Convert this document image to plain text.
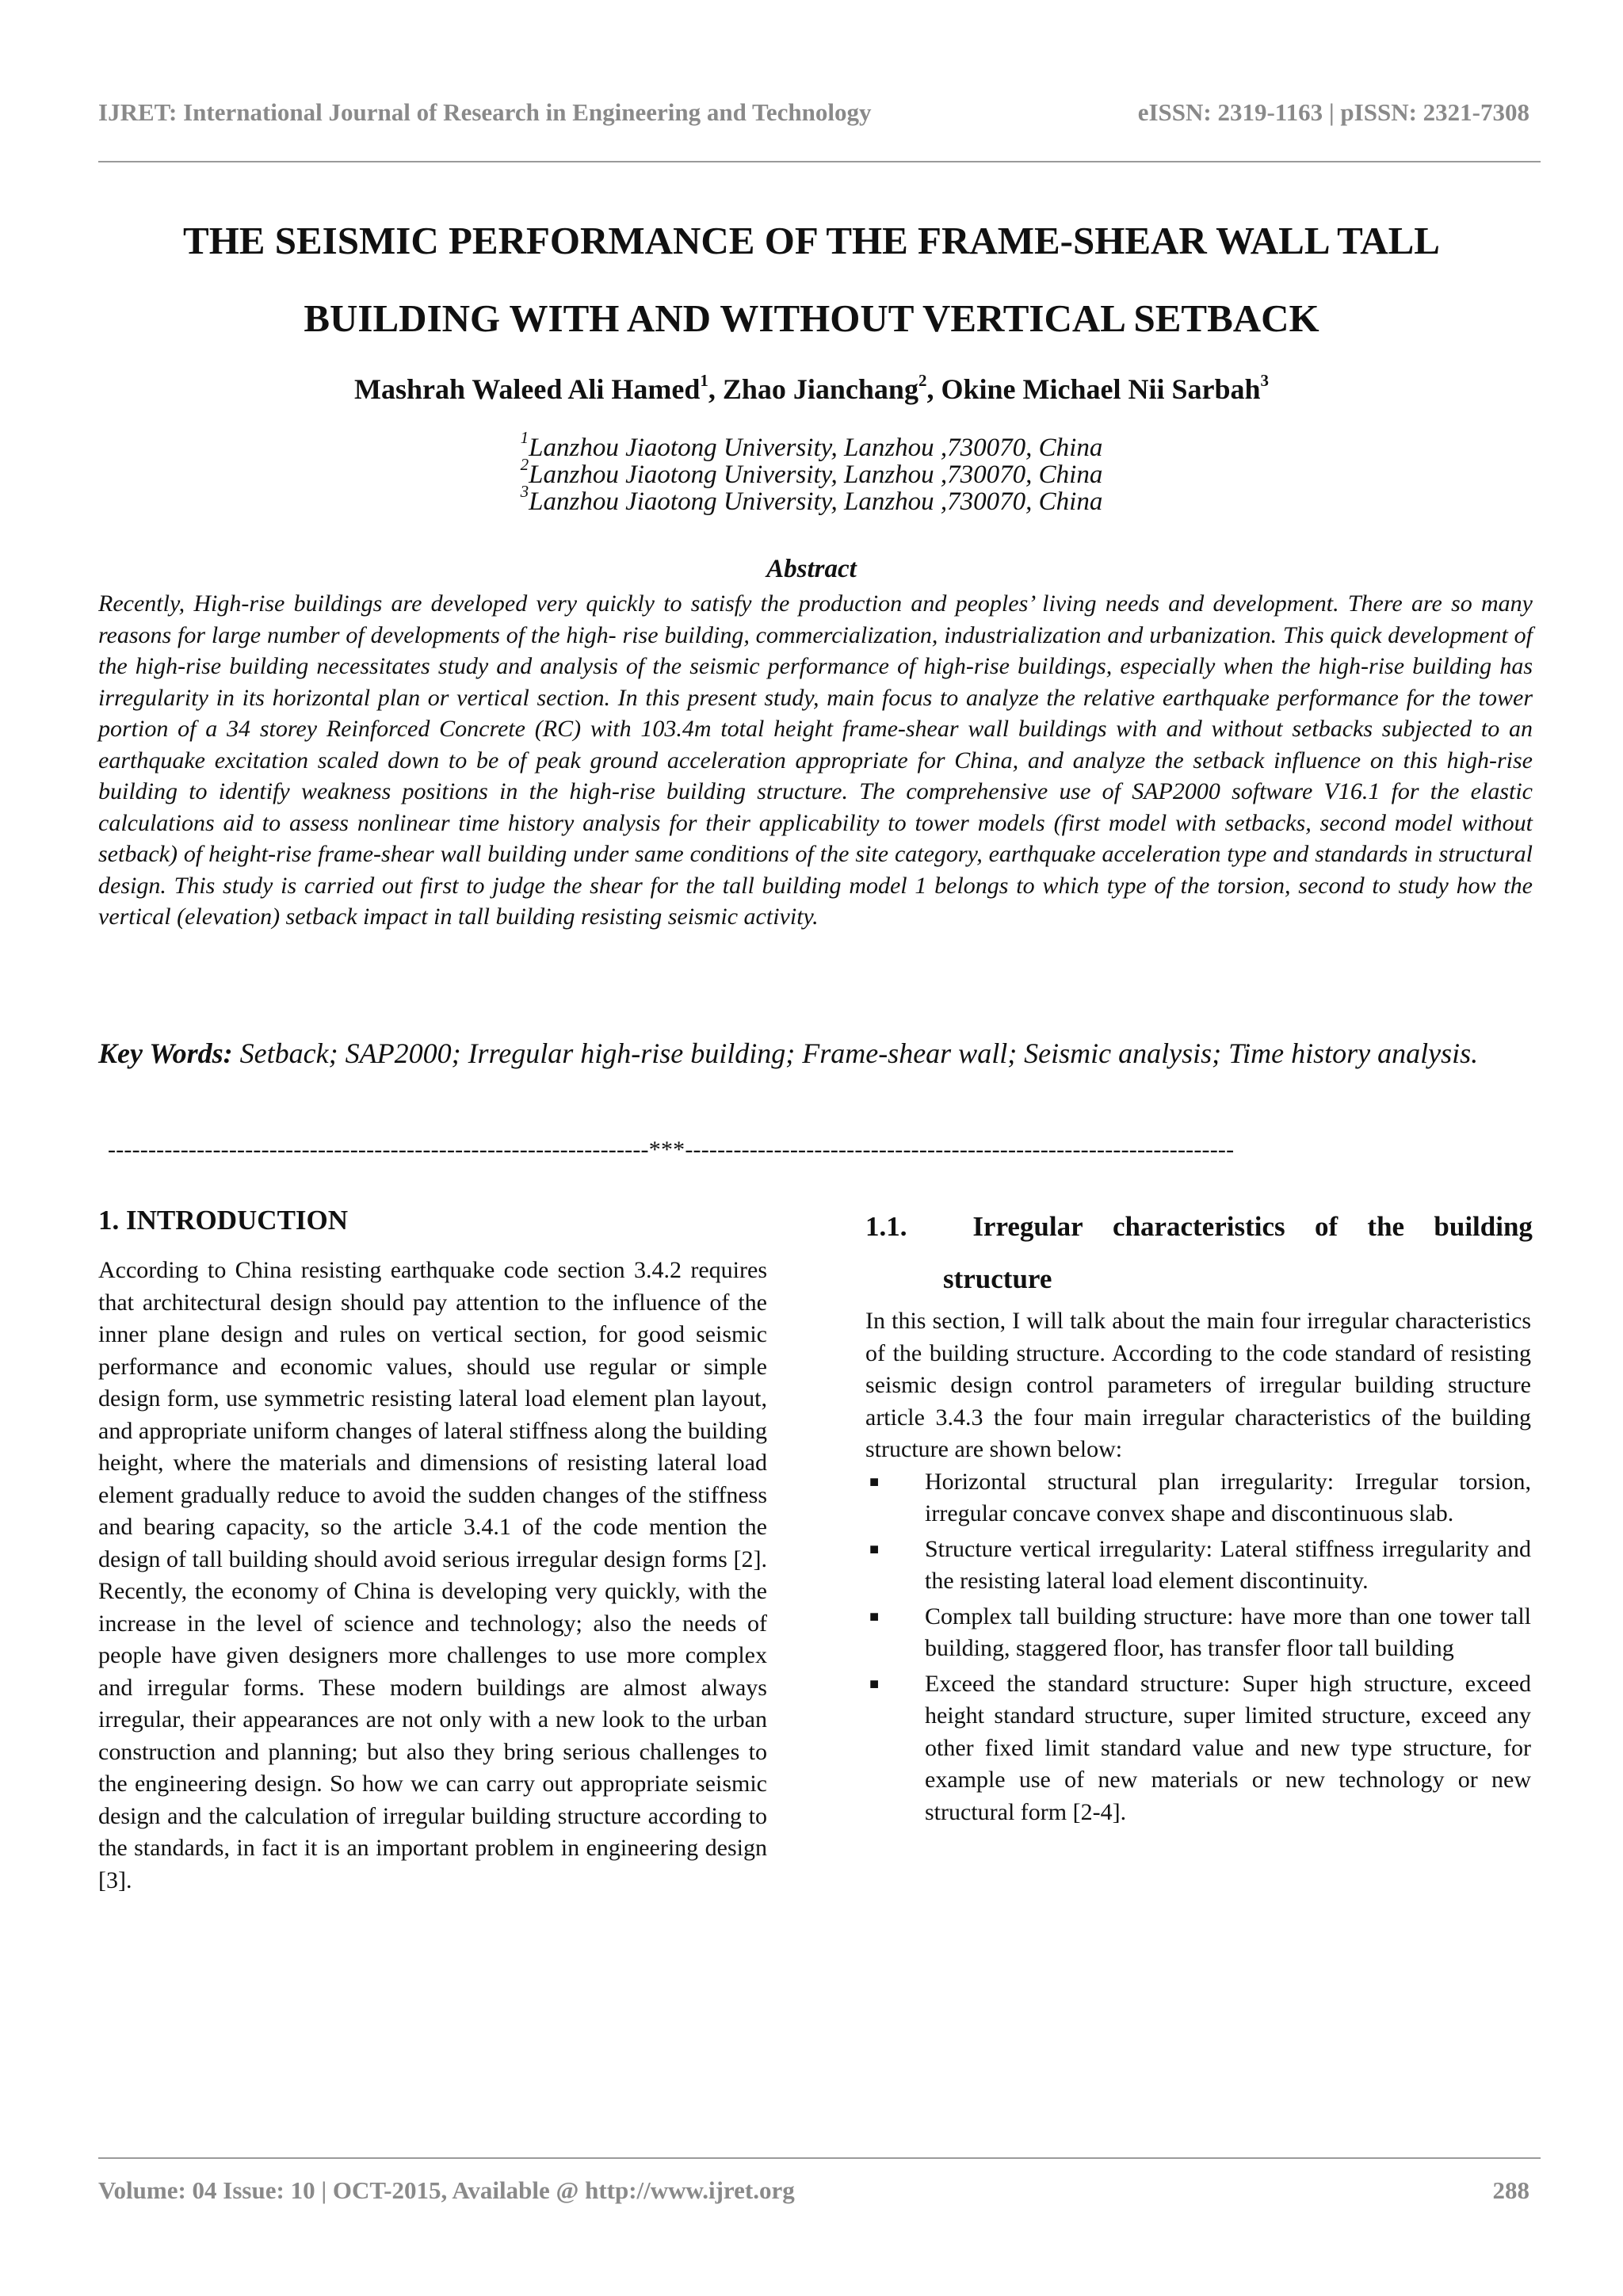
IJRET: International Journal of Research in Engineering and Technology	eISSN: 2319-1163 | pISSN: 2321-7308
THE SEISMIC PERFORMANCE OF THE FRAME-SHEAR WALL TALL
BUILDING WITH AND WITHOUT VERTICAL SETBACK
Mashrah Waleed Ali Hamed$^1$, Zhao Jianchang$^2$, Okine Michael Nii Sarbah$^3$
$^1$Lanzhou Jiaotong University, Lanzhou ,730070, China
$^2$Lanzhou Jiaotong University, Lanzhou ,730070, China
$^3$Lanzhou Jiaotong University, Lanzhou ,730070, China
Abstract

Recently, High-rise buildings are developed very quickly to satisfy the production and peoples’ living needs and development. There are so many reasons for large number of developments of the high- rise building, commercialization, industrialization and urbanization. This quick development of the high-rise building necessitates study and analysis of the seismic performance of high-rise buildings, especially when the high-rise building has irregularity in its horizontal plan or vertical section. In this present study, main focus to analyze the relative earthquake performance for the tower portion of a 34 storey Reinforced Concrete (RC) with 103.4m total height frame-shear wall buildings with and without setbacks subjected to an earthquake excitation scaled down to be of peak ground acceleration appropriate for China, and analyze the setback influence on this high-rise building to identify weakness positions in the high-rise building structure. The comprehensive use of SAP2000 software V16.1 for the elastic calculations aid to assess nonlinear time history analysis for their applicability to tower models (first model with setbacks, second model without setback) of height-rise frame-shear wall building under same conditions of the site category, earthquake acceleration type and standards in structural design. This study is carried out first to judge the shear for the tall building model 1 belongs to which type of the torsion, second to study how the vertical (elevation) setback impact in tall building resisting seismic activity.

Key Words: Setback; SAP2000; Irregular high-rise building; Frame-shear wall; Seismic analysis; Time history analysis.

-------------------------------------------------------------------***--------------------------------------------------------------------
1. INTRODUCTION

According to China resisting earthquake code section 3.4.2 requires that architectural design should pay attention to the influence of the inner plane design and rules on vertical section, for good seismic performance and economic values, should use regular or simple design form, use symmetric resisting lateral load element plan layout, and appropriate uniform changes of lateral stiffness along the building height, where the materials and dimensions of resisting lateral load element gradually reduce to avoid the sudden changes of the stiffness and bearing capacity, so the article 3.4.1 of the code mention the design of tall building should avoid serious irregular design forms [2]. Recently, the economy of China is developing very quickly, with the increase in the level of science and technology; also the needs of people have given designers more challenges to use more complex and irregular forms. These modern buildings are almost always irregular, their appearances are not only with a new look to the urban construction and planning; but also they bring serious challenges to the engineering design. So how we can carry out appropriate seismic design and the calculation of irregular building structure according to the standards, in fact it is an important problem in engineering design [3].

1.1.	Irregular characteristics of the building
structure

In this section, I will talk about the main four irregular characteristics of the building structure. According to the code standard of resisting seismic design control parameters of irregular building structure article 3.4.3 the four main irregular characteristics of the building structure are shown below:

■ Horizontal structural plan irregularity: Irregular torsion, irregular concave convex shape and discontinuous slab.
■ Structure vertical irregularity: Lateral stiffness irregularity and the resisting lateral load element discontinuity.
■ Complex tall building structure: have more than one tower tall building, staggered floor, has transfer floor tall building
■ Exceed the standard structure: Super high structure, exceed height standard structure, super limited structure, exceed any other fixed limit standard value and new type structure, for example use of new materials or new technology or new structural form [2-4].
Volume: 04 Issue: 10 | OCT-2015, Available @ http://www.ijret.org	288
